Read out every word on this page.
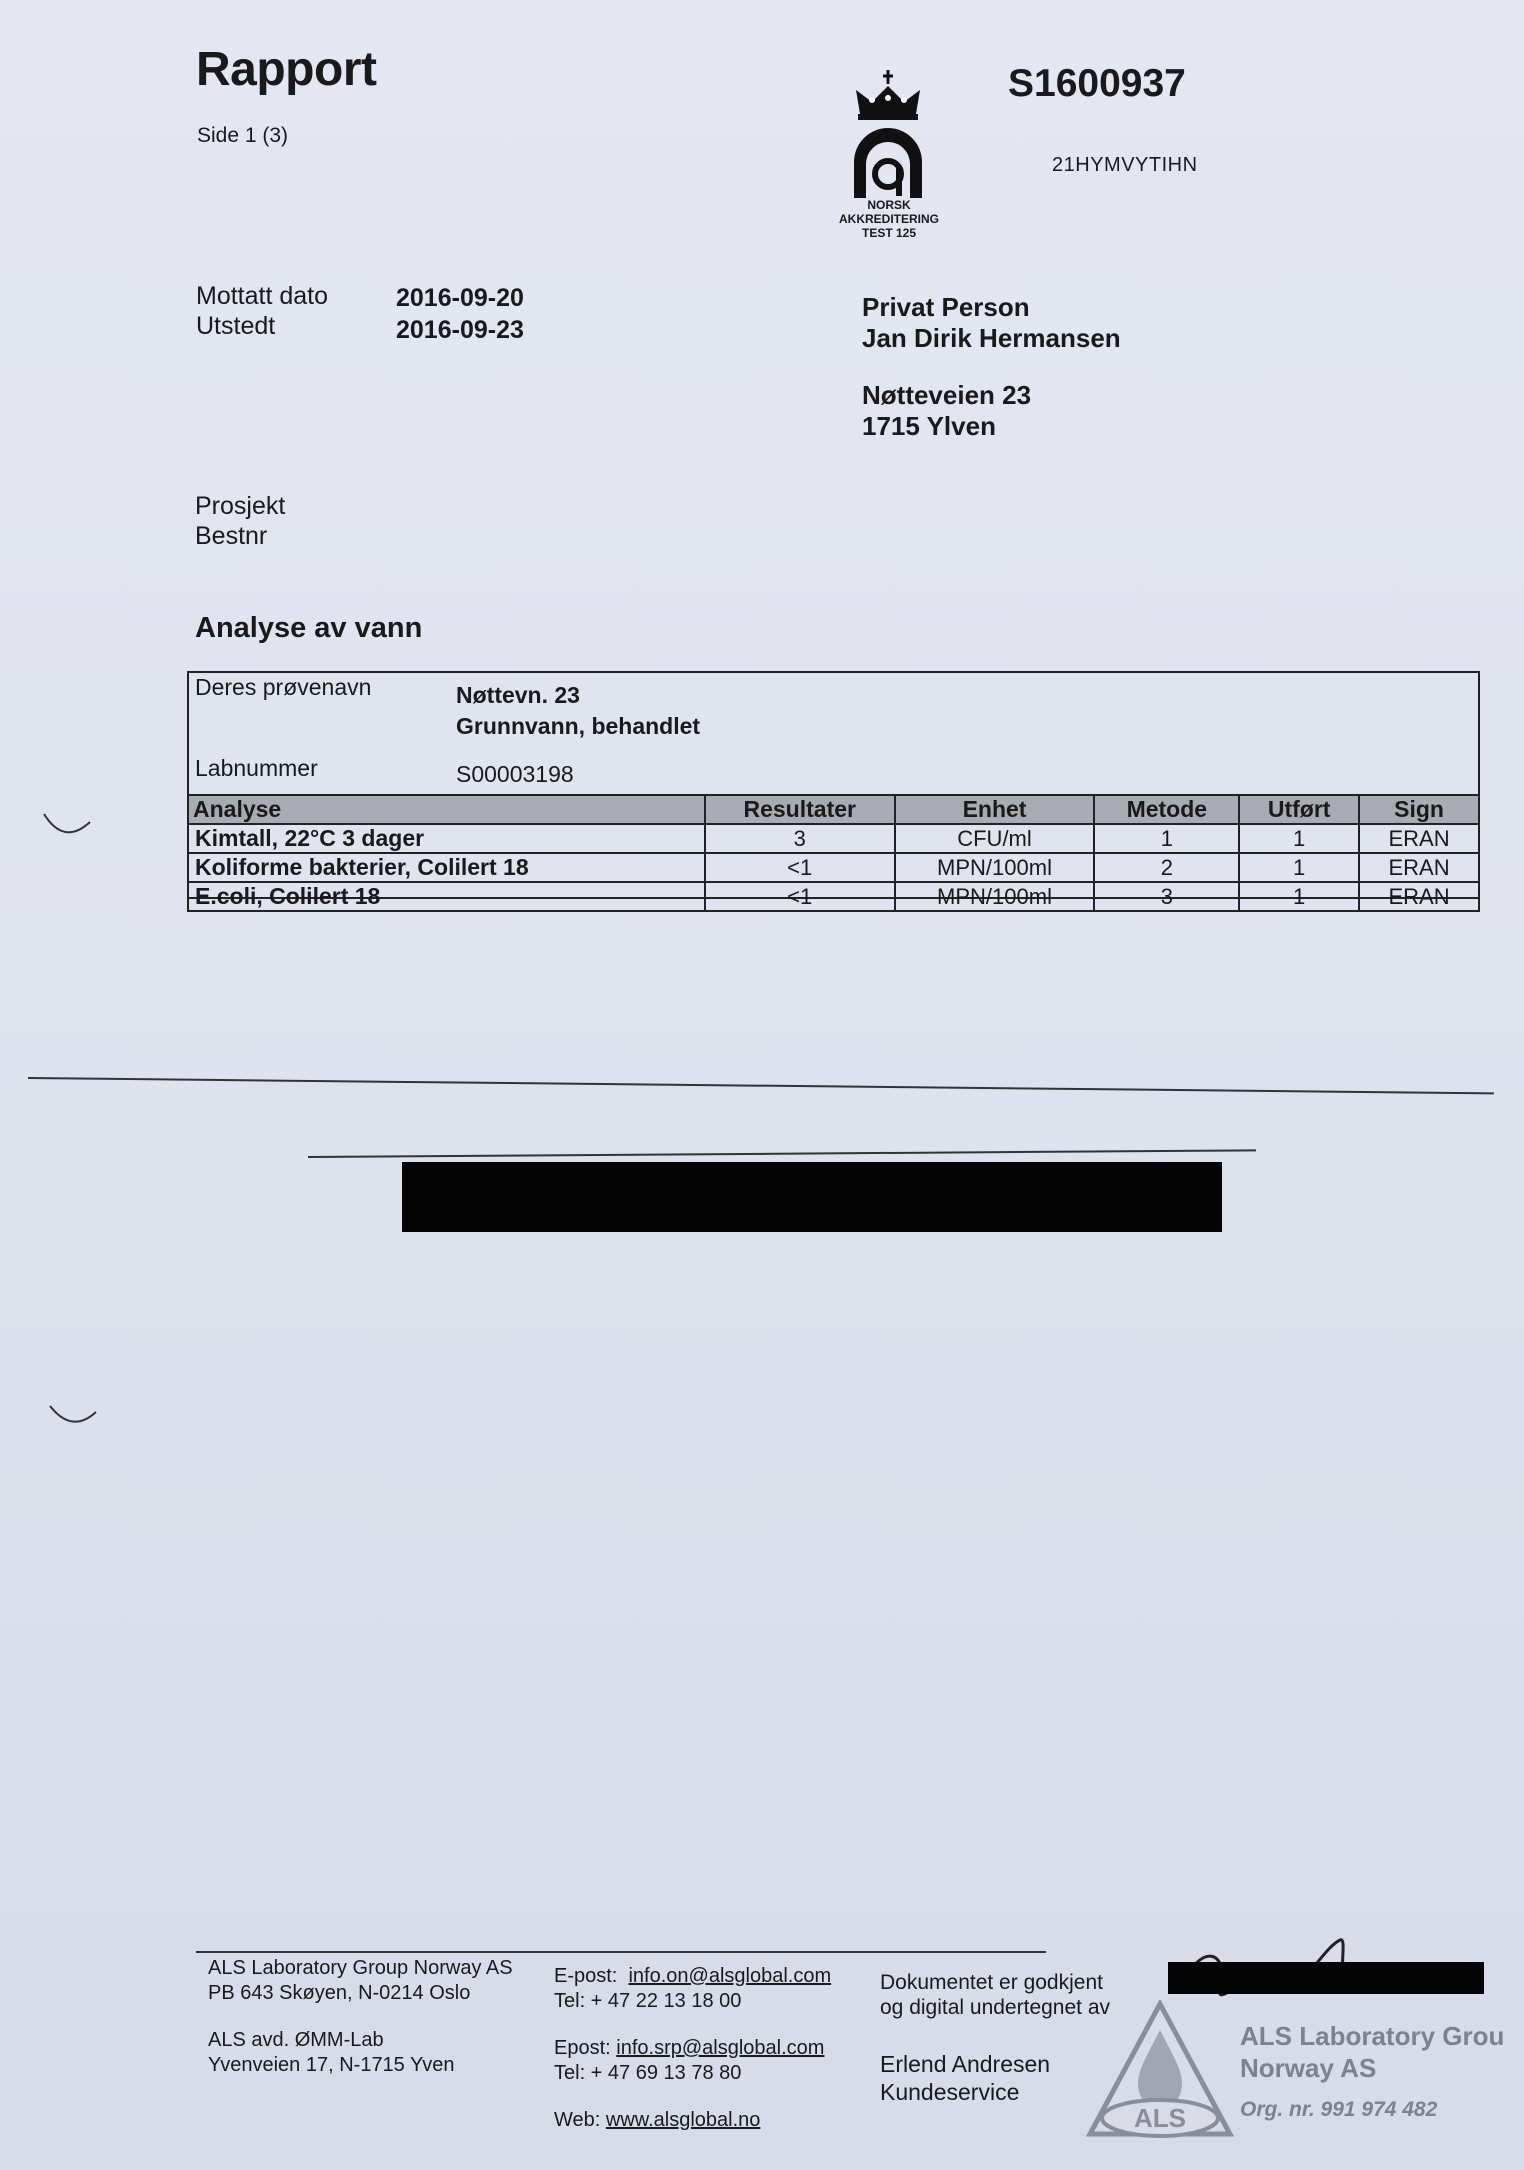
Rapport
Side 1 (3)
NORSK
AKKREDITERING
TEST 125
S1600937
21HYMVYTIHN
Mottatt dato	2016-09-20
Utstedt	2016-09-23
Privat Person
Jan Dirik Hermansen
Nøtteveien 23
1715 Ylven
Prosjekt
Bestnr
Analyse av vann
Deres prøvenavn	Nøttevn. 23
Grunnvann, behandlet
Labnummer	S00003198
Analyse	Resultater	Enhet	Metode	Utført	Sign
Kimtall, 22°C 3 dager	3	CFU/ml	1	1	ERAN
Koliforme bakterier, Colilert 18	<1	MPN/100ml	2	1	ERAN
E.coli, Colilert 18	<1	MPN/100ml	3	1	ERAN
ALS Laboratory Group Norway AS
PB 643 Skøyen, N-0214 Oslo
ALS avd. ØMM-Lab
Yvenveien 17, N-1715 Yven
E-post: info.on@alsglobal.com
Tel: + 47 22 13 18 00
Epost: info.srp@alsglobal.com
Tel: + 47 69 13 78 80
Web: www.alsglobal.no
Dokumentet er godkjent
og digital undertegnet av
Erlend Andresen
Kundeservice
ALS
ALS Laboratory Grou
Norway AS
Org. nr. 991 974 482
